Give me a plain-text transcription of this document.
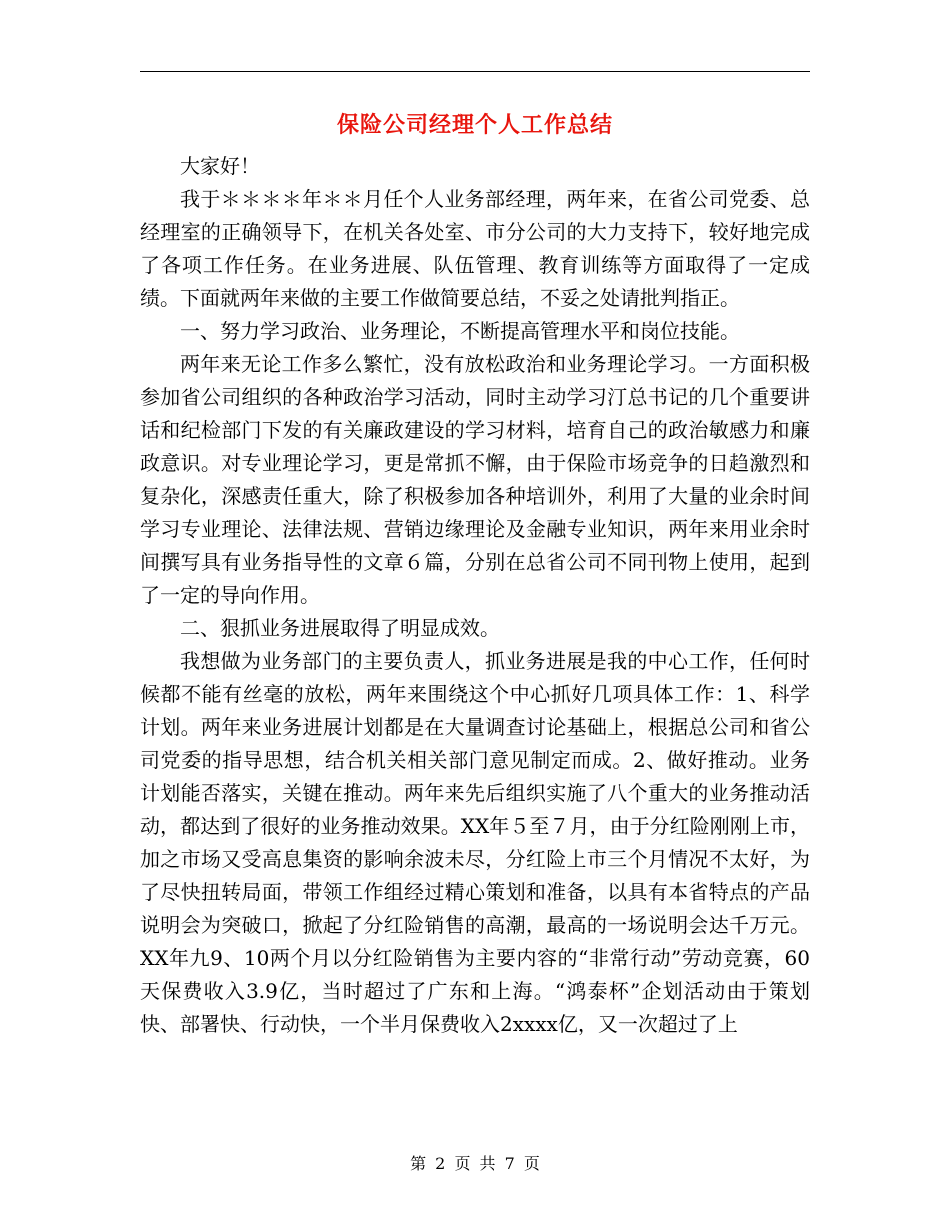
保险公司经理个人工作总结

大家好！

我于＊＊＊＊年＊＊月任个人业务部经理，两年来，在省公司党委、总经理室的正确领导下，在机关各处室、市分公司的大力支持下，较好地完成了各项工作任务。在业务进展、队伍管理、教育训练等方面取得了一定成绩。下面就两年来做的主要工作做简要总结，不妥之处请批判指正。

一、努力学习政治、业务理论，不断提高管理水平和岗位技能。

两年来无论工作多么繁忙，没有放松政治和业务理论学习。一方面积极参加省公司组织的各种政治学习活动，同时主动学习汀总书记的几个重要讲话和纪检部门下发的有关廉政建设的学习材料，培育自己的政治敏感力和廉政意识。对专业理论学习，更是常抓不懈，由于保险市场竞争的日趋激烈和复杂化，深感责任重大，除了积极参加各种培训外，利用了大量的业余时间学习专业理论、法律法规、营销边缘理论及金融专业知识，两年来用业余时间撰写具有业务指导性的文章６篇，分别在总省公司不同刊物上使用，起到了一定的导向作用。

二、狠抓业务进展取得了明显成效。

我想做为业务部门的主要负责人，抓业务进展是我的中心工作，任何时候都不能有丝毫的放松，两年来围绕这个中心抓好几项具体工作：1、科学计划。两年来业务进展计划都是在大量调查讨论基础上，根据总公司和省公司党委的指导思想，结合机关相关部门意见制定而成。2、做好推动。业务计划能否落实，关键在推动。两年来先后组织实施了八个重大的业务推动活动，都达到了很好的业务推动效果。XX年５至７月，由于分红险刚刚上市，加之市场又受高息集资的影响余波未尽，分红险上市三个月情况不太好，为了尽快扭转局面，带领工作组经过精心策划和准备，以具有本省特点的产品说明会为突破口，掀起了分红险销售的高潮，最高的一场说明会达千万元。XX年九9、10两个月以分红险销售为主要内容的“非常行动”劳动竞赛，60天保费收入3.9亿，当时超过了广东和上海。“鸿泰杯”企划活动由于策划快、部署快、行动快，一个半月保费收入2xxxx亿，又一次超过了上

第 2 页 共 7 页
